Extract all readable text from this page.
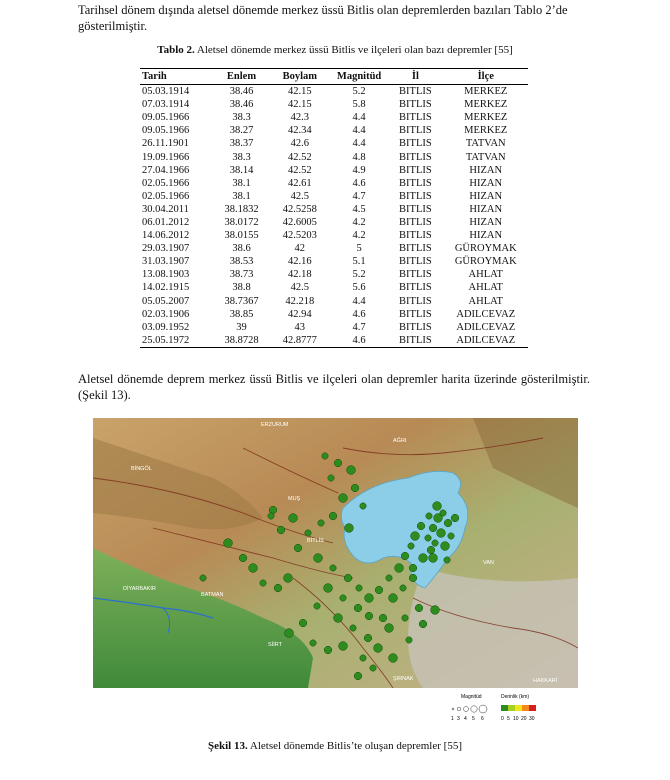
Tarihsel dönem dışında aletsel dönemde merkez üssü Bitlis olan depremlerden bazıları Tablo 2’de gösterilmiştir.

Tablo 2. Aletsel dönemde merkez üssü Bitlis ve ilçeleri olan bazı depremler [55]

Tarih	Enlem	Boylam	Magnitüd	İl	İlçe
05.03.1914	38.46	42.15	5.2	BITLIS	MERKEZ
07.03.1914	38.46	42.15	5.8	BITLIS	MERKEZ
09.05.1966	38.3	42.3	4.4	BITLIS	MERKEZ
09.05.1966	38.27	42.34	4.4	BITLIS	MERKEZ
26.11.1901	38.37	42.6	4.4	BITLIS	TATVAN
19.09.1966	38.3	42.52	4.8	BITLIS	TATVAN
27.04.1966	38.14	42.52	4.9	BITLIS	HIZAN
02.05.1966	38.1	42.61	4.6	BITLIS	HIZAN
02.05.1966	38.1	42.5	4.7	BITLIS	HIZAN
30.04.2011	38.1832	42.5258	4.5	BITLIS	HIZAN
06.01.2012	38.0172	42.6005	4.2	BITLIS	HIZAN
14.06.2012	38.0155	42.5203	4.2	BITLIS	HIZAN
29.03.1907	38.6	42	5	BITLIS	GÜROYMAK
31.03.1907	38.53	42.16	5.1	BITLIS	GÜROYMAK
13.08.1903	38.73	42.18	5.2	BITLIS	AHLAT
14.02.1915	38.8	42.5	5.6	BITLIS	AHLAT
05.05.2007	38.7367	42.218	4.4	BITLIS	AHLAT
02.03.1906	38.85	42.94	4.6	BITLIS	ADILCEVAZ
03.09.1952	39	43	4.7	BITLIS	ADILCEVAZ
25.05.1972	38.8728	42.8777	4.6	BITLIS	ADILCEVAZ

Aletsel dönemde deprem merkez üssü Bitlis ve ilçeleri olan depremler harita üzerinde gösterilmiştir.(Şekil 13).

ERZURUM
AĞRI
BİNGÖL
MUŞ
VAN
DİYARBAKIR
BATMAN
SİİRT
ŞIRNAK	HAKKARİ
BİTLİS
Magnitüd
1 3 4 5 6
Derinlik (km)
0 5 10 20 30
Şekil 13. Aletsel dönemde Bitlis’te oluşan depremler [55]
